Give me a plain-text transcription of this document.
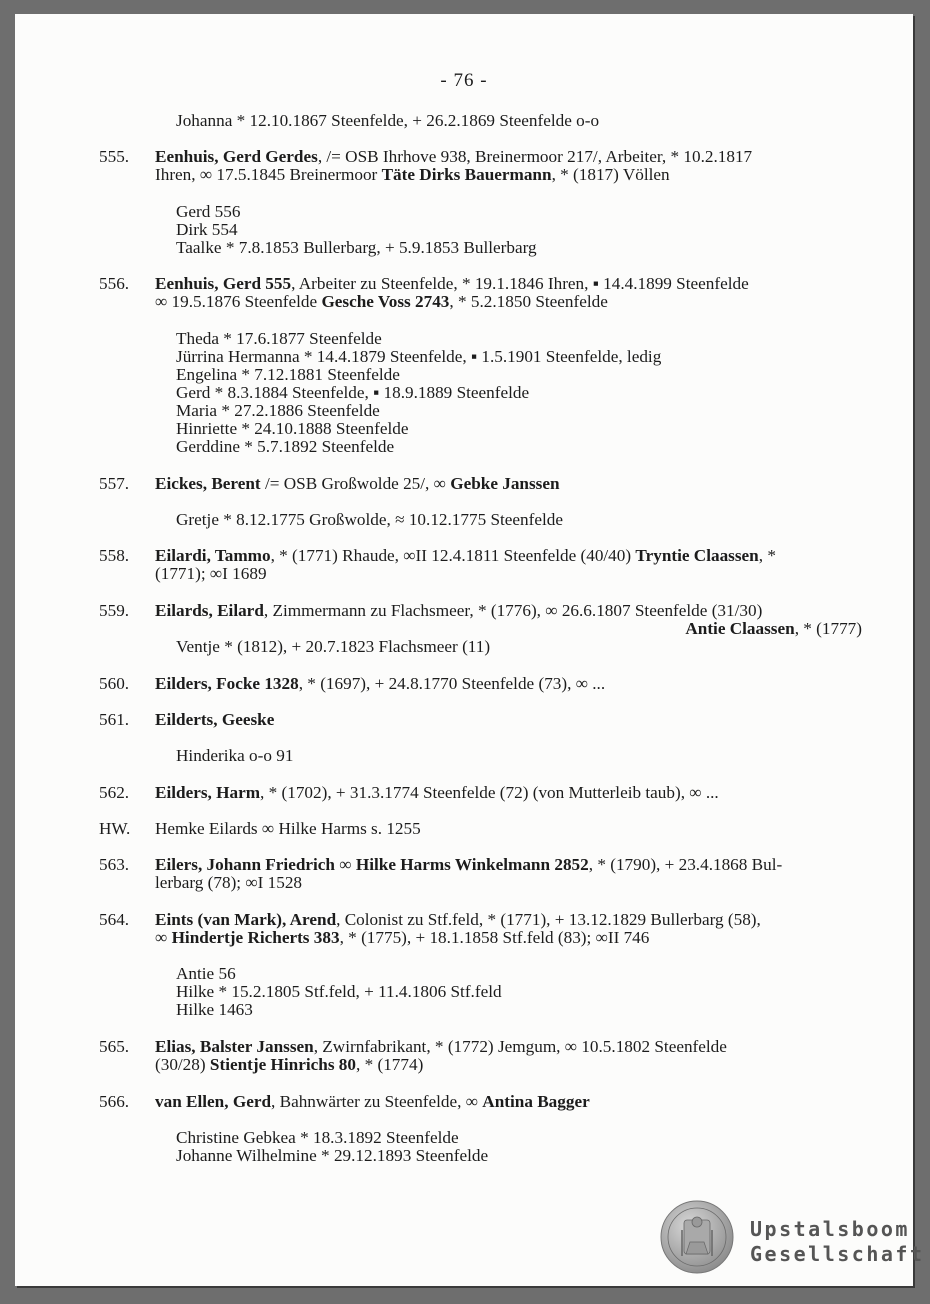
- 76 -
Johanna * 12.10.1867 Steenfelde, + 26.2.1869 Steenfelde o-o
555. Eenhuis, Gerd Gerdes, /= OSB Ihrhove 938, Breinermoor 217/, Arbeiter, * 10.2.1817
Ihren, ∞ 17.5.1845 Breinermoor Täte Dirks Bauermann, * (1817) Völlen
Gerd 556
Dirk 554
Taalke * 7.8.1853 Bullerbarg, + 5.9.1853 Bullerbarg
556. Eenhuis, Gerd 555, Arbeiter zu Steenfelde, * 19.1.1846 Ihren, ▪ 14.4.1899 Steenfelde
∞ 19.5.1876 Steenfelde Gesche Voss 2743, * 5.2.1850 Steenfelde
Theda * 17.6.1877 Steenfelde
Jürrina Hermanna * 14.4.1879 Steenfelde, ▪ 1.5.1901 Steenfelde, ledig
Engelina * 7.12.1881 Steenfelde
Gerd * 8.3.1884 Steenfelde, ▪ 18.9.1889 Steenfelde
Maria * 27.2.1886 Steenfelde
Hinriette * 24.10.1888 Steenfelde
Gerddine * 5.7.1892 Steenfelde
557. Eickes, Berent /= OSB Großwolde 25/, ∞ Gebke Janssen
Gretje * 8.12.1775 Großwolde, ≈ 10.12.1775 Steenfelde
558. Eilardi, Tammo, * (1771) Rhaude, ∞II 12.4.1811 Steenfelde (40/40) Tryntie Claassen, *
(1771); ∞I 1689
559. Eilards, Eilard, Zimmermann zu Flachsmeer, * (1776), ∞ 26.6.1807 Steenfelde (31/30)
Antie Claassen, * (1777)
Ventje * (1812), + 20.7.1823 Flachsmeer (11)
560. Eilders, Focke 1328, * (1697), + 24.8.1770 Steenfelde (73), ∞ ...
561. Eilderts, Geeske
Hinderika o-o 91
562. Eilders, Harm, * (1702), + 31.3.1774 Steenfelde (72) (von Mutterleib taub), ∞ ...
HW. Hemke Eilards ∞ Hilke Harms s. 1255
563. Eilers, Johann Friedrich ∞ Hilke Harms Winkelmann 2852, * (1790), + 23.4.1868 Bul-
lerbarg (78); ∞I 1528
564. Eints (van Mark), Arend, Colonist zu Stf.feld, * (1771), + 13.12.1829 Bullerbarg (58),
∞ Hindertje Richerts 383, * (1775), + 18.1.1858 Stf.feld (83); ∞II 746
Antie 56
Hilke * 15.2.1805 Stf.feld, + 11.4.1806 Stf.feld
Hilke 1463
565. Elias, Balster Janssen, Zwirnfabrikant, * (1772) Jemgum, ∞ 10.5.1802 Steenfelde
(30/28) Stientje Hinrichs 80, * (1774)
566. van Ellen, Gerd, Bahnwärter zu Steenfelde, ∞ Antina Bagger
Christine Gebkea * 18.3.1892 Steenfelde
Johanne Wilhelmine * 29.12.1893 Steenfelde
Upstalsboom
Gesellschaft
